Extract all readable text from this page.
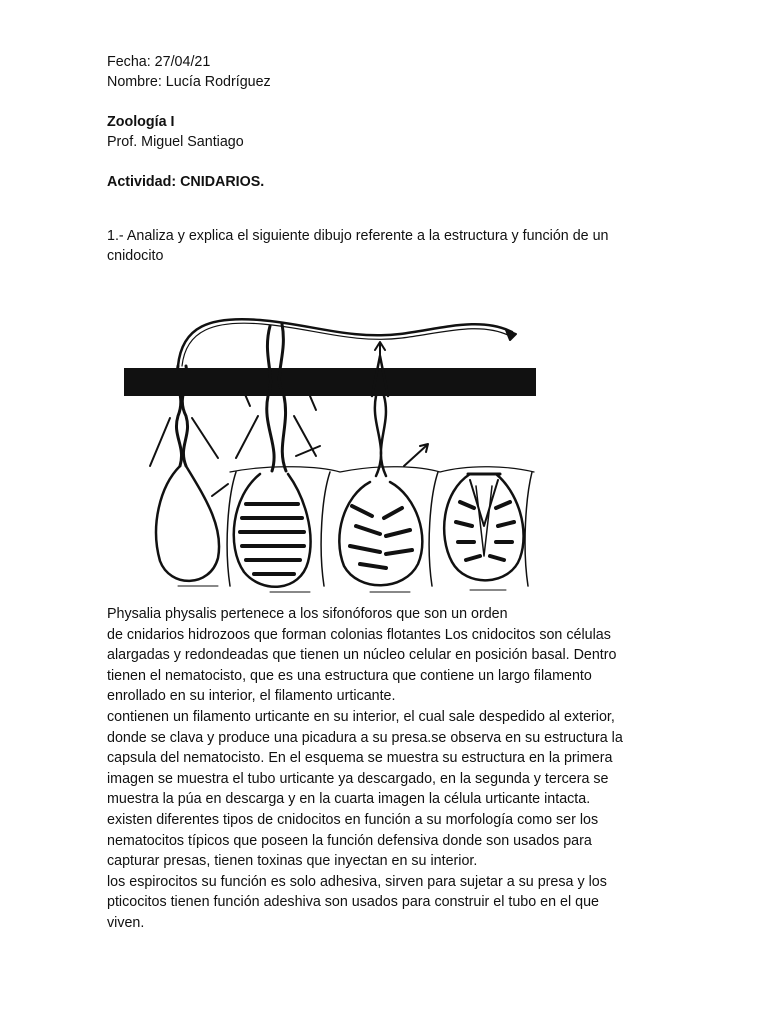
Fecha: 27/04/21
Nombre: Lucía Rodríguez
Zoología I
Prof. Miguel Santiago
Actividad: CNIDARIOS.
1.- Analiza y explica el siguiente dibujo referente a la estructura y función de un cnidocito
Physalia physalis pertenece a los sifonóforos que son un orden
de cnidarios hidrozoos que forman colonias flotantes Los cnidocitos son células
alargadas y redondeadas que tienen un núcleo celular en posición basal. Dentro
tienen el nematocisto, que es una estructura que contiene un largo filamento
enrollado en su interior, el filamento urticante.
contienen un filamento urticante en su interior, el cual sale despedido al exterior,
donde se clava y produce una picadura a su presa.se observa en su estructura la
capsula del nematocisto. En el esquema se muestra su estructura en la primera
imagen se muestra el tubo urticante ya descargado, en la segunda y tercera se
muestra la púa en descarga y en la cuarta imagen la célula urticante intacta.
existen diferentes tipos de cnidocitos en función a su morfología como ser los
nematocitos típicos que poseen la función defensiva donde son usados para
capturar presas, tienen toxinas que inyectan en su interior.
los espirocitos su función es solo adhesiva, sirven para sujetar a su presa y los
pticocitos tienen función adeshiva son usados para construir el tubo en el que
viven.
